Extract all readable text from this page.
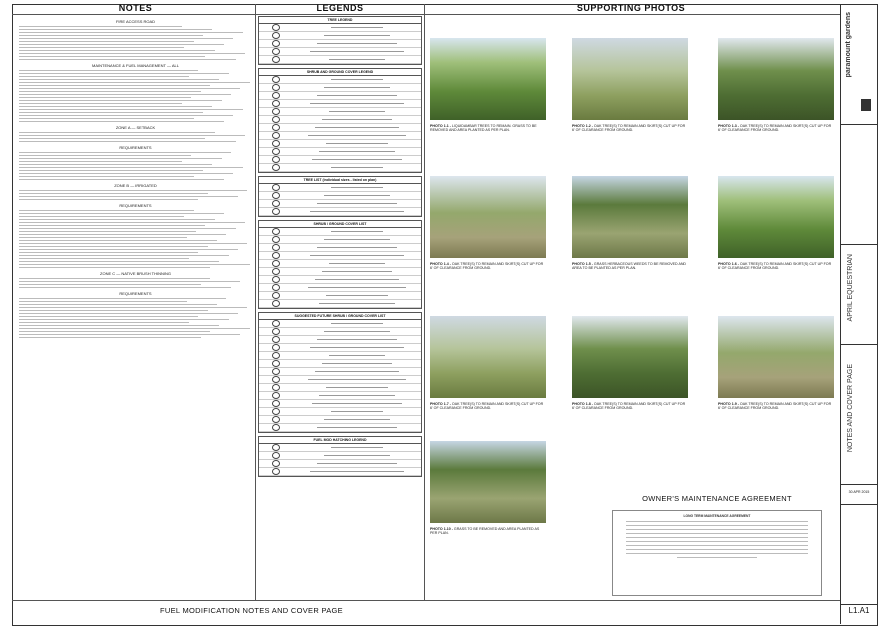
NOTES	LEGENDS	SUPPORTING PHOTOS
FIRE ACCESS ROAD
MAINTENANCE & FUEL MANAGEMENT — ALL
ZONE A — SETBACK
REQUIREMENTS
ZONE B — IRRIGATED
REQUIREMENTS
ZONE C — NATIVE BRUSH THINNING
REQUIREMENTS
TREE LEGEND
SHRUB AND GROUND COVER LEGEND
TREE LIST (individual sizes - listed on plan)
SHRUB / GROUND COVER LIST
SUGGESTED FUTURE SHRUB / GROUND COVER LIST
FUEL MOD HATCHING LEGEND
PHOTO 1.1 - LIQUIDAMBAR TREES TO REMAIN. GRASS TO BE REMOVED AND AREA PLANTED AS PER PLAN.
PHOTO 1.2 - OAK TREE(S) TO REMAIN AND SKIRT(S) CUT UP FOR 6' OF CLEARANCE FROM GROUND.
PHOTO 1.3 - OAK TREE(S) TO REMAIN AND SKIRT(S) CUT UP FOR 6' OF CLEARANCE FROM GROUND.
PHOTO 1.4 - OAK TREE(S) TO REMAIN AND SKIRT(S) CUT UP FOR 6' OF CLEARANCE FROM GROUND.
PHOTO 1.5 - GRASS HERBACEOUS WEEDS TO BE REMOVED AND AREA TO BE PLANTED AS PER PLAN.
PHOTO 1.6 - OAK TREE(S) TO REMAIN AND SKIRT(S) CUT UP FOR 6' OF CLEARANCE FROM GROUND.
PHOTO 1.7 - OAK TREE(S) TO REMAIN AND SKIRT(S) CUT UP FOR 6' OF CLEARANCE FROM GROUND.
PHOTO 1.8 - OAK TREE(S) TO REMAIN AND SKIRT(S) CUT UP FOR 6' OF CLEARANCE FROM GROUND.
PHOTO 1.9 - OAK TREE(S) TO REMAIN AND SKIRT(S) CUT UP FOR 6' OF CLEARANCE FROM GROUND.
PHOTO 1.10 - GRASS TO BE REMOVED AND AREA PLANTED AS PER PLAN.
OWNER'S MAINTENANCE AGREEMENT
LONG TERM MAINTENANCE AGREEMENT
paramount gardens
APRIL EQUESTRIAN
NOTES AND COVER PAGE
30 APR 2015
L1.A1
FUEL MODIFICATION NOTES AND COVER PAGE
